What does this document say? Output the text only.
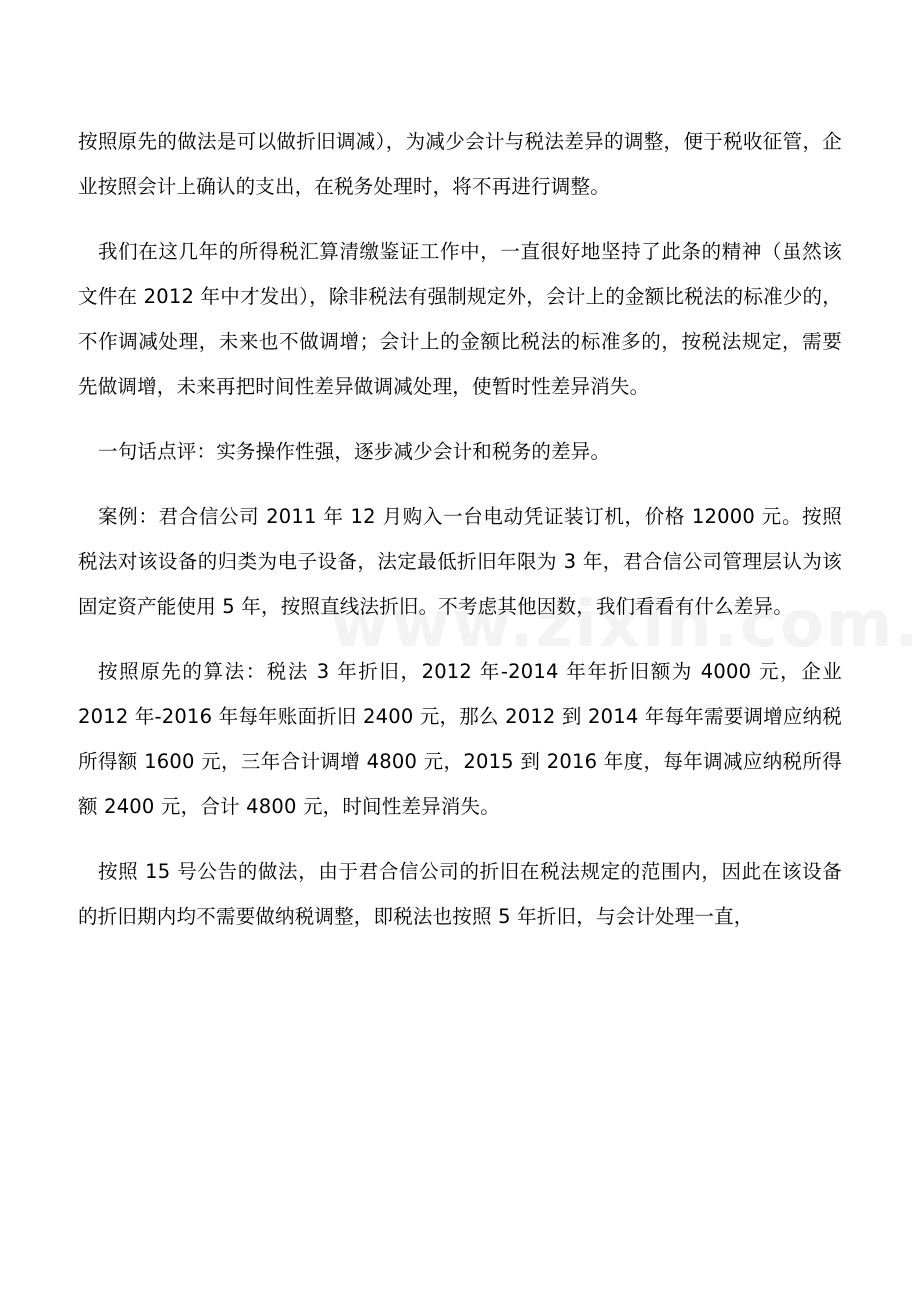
按照原先的做法是可以做折旧调减），为减少会计与税法差异的调整，便于税收征管，企业按照会计上确认的支出，在税务处理时，将不再进行调整。

我们在这几年的所得税汇算清缴鉴证工作中，一直很好地坚持了此条的精神（虽然该文件在 2012 年中才发出），除非税法有强制规定外，会计上的金额比税法的标准少的，不作调减处理，未来也不做调增；会计上的金额比税法的标准多的，按税法规定，需要先做调增，未来再把时间性差异做调减处理，使暂时性差异消失。

一句话点评：实务操作性强，逐步减少会计和税务的差异。

案例：君合信公司 2011 年 12 月购入一台电动凭证装订机，价格 12000 元。按照税法对该设备的归类为电子设备，法定最低折旧年限为 3 年，君合信公司管理层认为该固定资产能使用 5 年，按照直线法折旧。不考虑其他因数，我们看看有什么差异。

按照原先的算法：税法 3 年折旧，2012 年-2014 年年折旧额为 4000 元，企业 2012 年-2016 年每年账面折旧 2400 元，那么 2012 到 2014 年每年需要调增应纳税所得额 1600 元，三年合计调增 4800 元，2015 到 2016 年度，每年调减应纳税所得额 2400 元，合计 4800 元，时间性差异消失。

按照 15 号公告的做法，由于君合信公司的折旧在税法规定的范围内，因此在该设备的折旧期内均不需要做纳税调整，即税法也按照 5 年折旧，与会计处理一直，
